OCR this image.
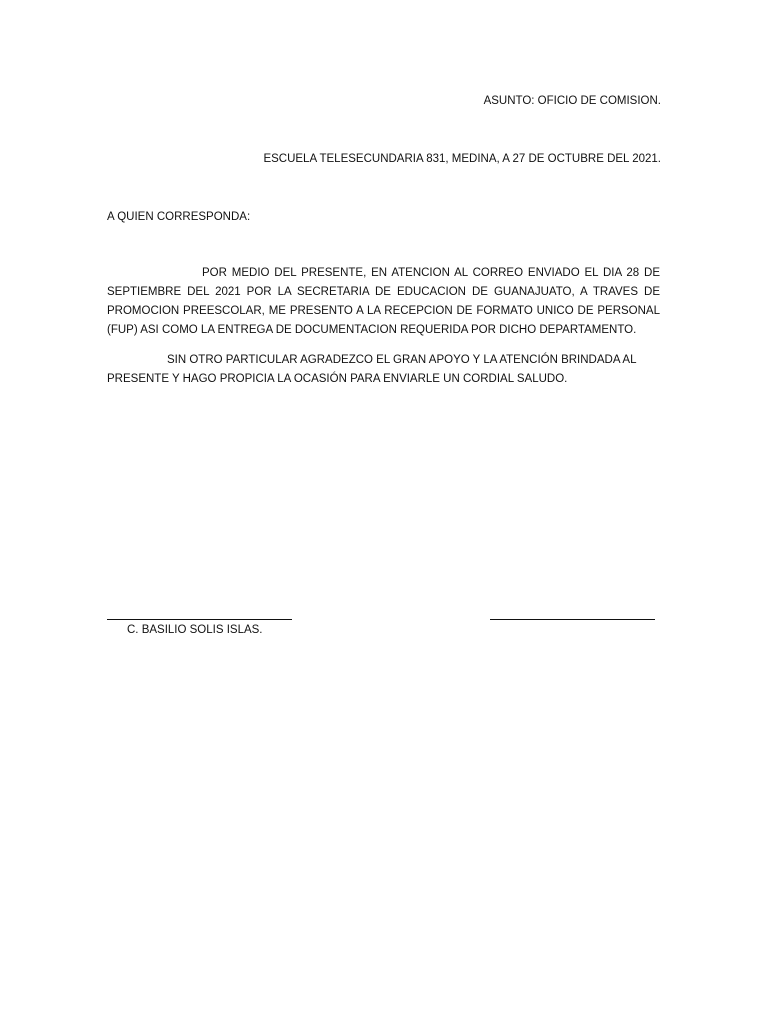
ASUNTO: OFICIO DE COMISION.
ESCUELA TELESECUNDARIA 831, MEDINA, A 27 DE OCTUBRE DEL 2021.
A QUIEN CORRESPONDA:
POR MEDIO DEL PRESENTE, EN ATENCION AL CORREO ENVIADO EL DIA 28 DE SEPTIEMBRE DEL 2021 POR LA SECRETARIA DE EDUCACION DE GUANAJUATO, A TRAVES DE PROMOCION PREESCOLAR, ME PRESENTO A LA RECEPCION DE FORMATO UNICO DE PERSONAL (FUP) ASI COMO LA ENTREGA DE DOCUMENTACION REQUERIDA POR DICHO DEPARTAMENTO.
SIN OTRO PARTICULAR AGRADEZCO EL GRAN APOYO Y LA ATENCIÓN BRINDADA AL PRESENTE Y HAGO PROPICIA LA OCASIÓN PARA ENVIARLE UN CORDIAL SALUDO.
C. BASILIO SOLIS ISLAS.
